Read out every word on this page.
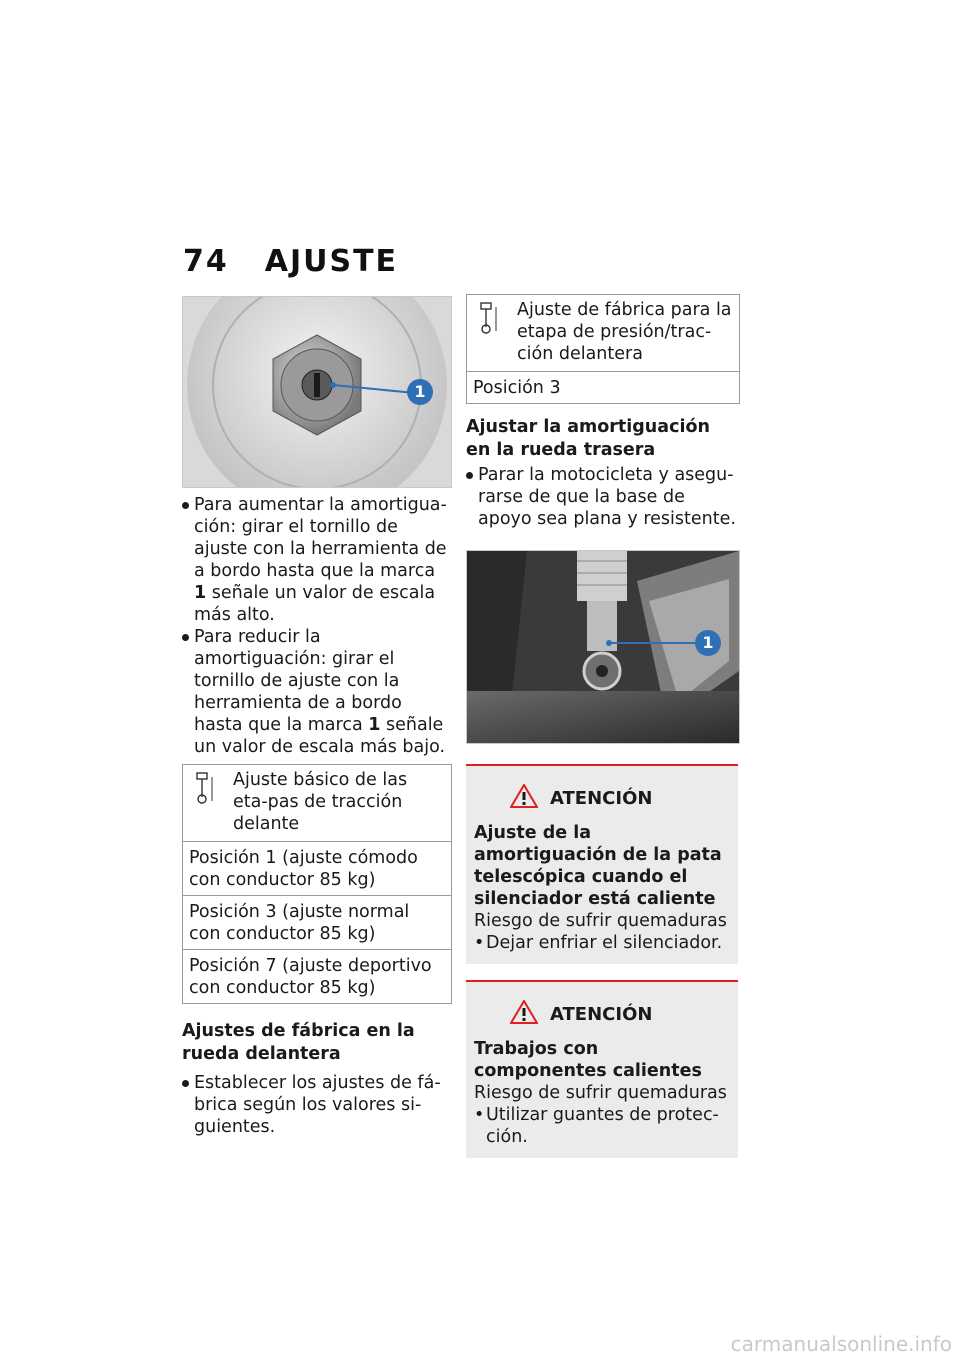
74 AJUSTE
1
Para aumentar la amortigua-ción: girar el tornillo de ajuste con la herramienta de a bordo hasta que la marca 1 señale un valor de escala más alto.
Para reducir la amortiguación: girar el tornillo de ajuste con la herramienta de a bordo hasta que la marca 1 señale un valor de escala más bajo.
Ajuste básico de las eta-pas de tracción delante
Posición 1 (ajuste cómodo con conductor 85 kg)
Posición 3 (ajuste normal con conductor 85 kg)
Posición 7 (ajuste deportivo con conductor 85 kg)
Ajustes de fábrica en la rueda delantera
Establecer los ajustes de fá-brica según los valores si-guientes.
Ajuste de fábrica para la etapa de presión/trac-ción delantera
Posición 3
Ajustar la amortiguación en la rueda trasera
Parar la motocicleta y asegu-rarse de que la base de apoyo sea plana y resistente.
1
ATENCIÓN
Ajuste de la amortiguación de la pata telescópica cuando el silenciador está caliente
Riesgo de sufrir quemaduras
• Dejar enfriar el silenciador.
ATENCIÓN
Trabajos con componentes calientes
Riesgo de sufrir quemaduras
• Utilizar guantes de protec-ción.
carmanualsonline.info
